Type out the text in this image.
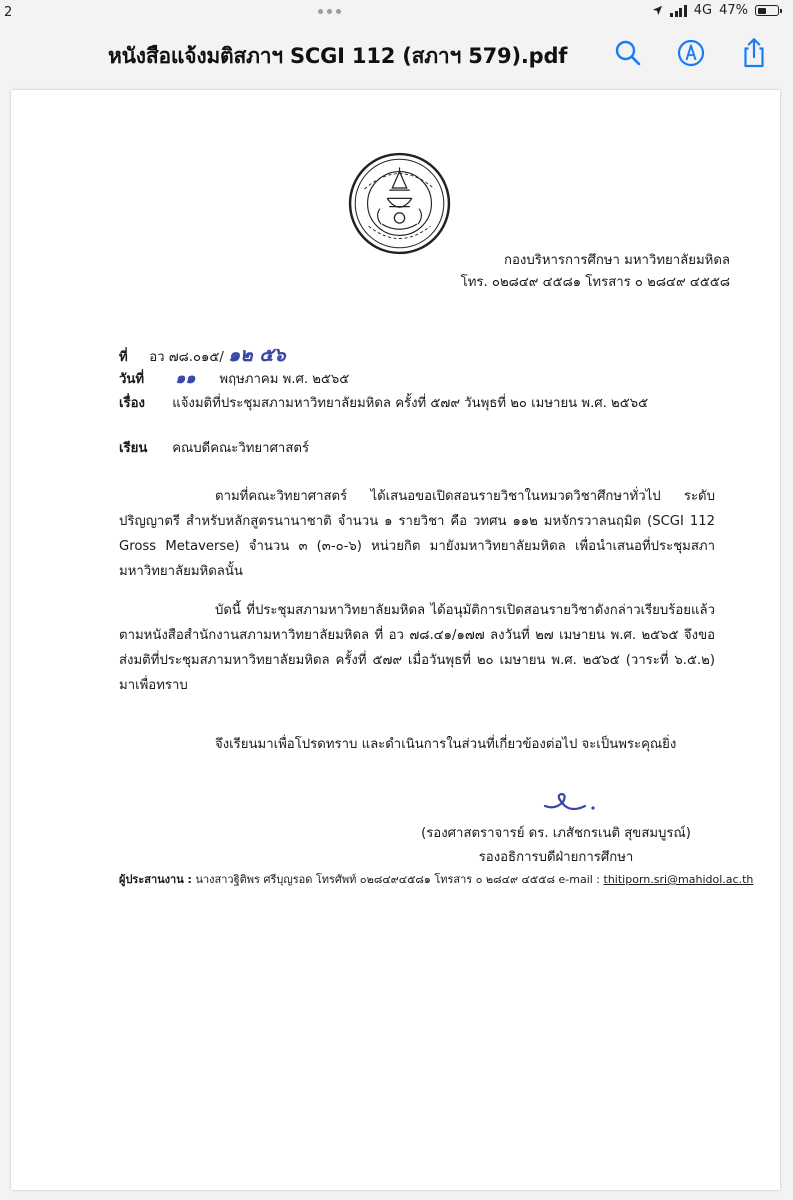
2	4G 47%
หนังสือแจ้งมติสภาฯ SCGI 112 (สภาฯ 579).pdf
กองบริหารการศึกษา มหาวิทยาลัยมหิดล
โทร. ๐๒๘๔๙ ๔๕๘๑ โทรสาร ๐ ๒๘๔๙ ๔๕๕๘
ที่ อว ๗๘.๐๑๕/ ๑๒ ๕๖
วันที่ ๑๑ พฤษภาคม พ.ศ. ๒๕๖๕
เรื่อง แจ้งมติที่ประชุมสภามหาวิทยาลัยมหิดล ครั้งที่ ๕๗๙ วันพุธที่ ๒๐ เมษายน พ.ศ. ๒๕๖๕
เรียน คณบดีคณะวิทยาศาสตร์
ตามที่คณะวิทยาศาสตร์ ได้เสนอขอเปิดสอนรายวิชาในหมวดวิชาศึกษาทั่วไป ระดับปริญญาตรี สำหรับหลักสูตรนานาชาติ จำนวน ๑ รายวิชา คือ วทศน ๑๑๒ มหจักรวาลนฤมิต (SCGI 112 Gross Metaverse) จำนวน ๓ (๓-๐-๖) หน่วยกิต มายังมหาวิทยาลัยมหิดล เพื่อนำเสนอที่ประชุมสภามหาวิทยาลัยมหิดลนั้น
บัดนี้ ที่ประชุมสภามหาวิทยาลัยมหิดล ได้อนุมัติการเปิดสอนรายวิชาดังกล่าวเรียบร้อยแล้ว ตามหนังสือสำนักงานสภามหาวิทยาลัยมหิดล ที่ อว ๗๘.๔๑/๑๗๗ ลงวันที่ ๒๗ เมษายน พ.ศ. ๒๕๖๕ จึงขอส่งมติที่ประชุมสภามหาวิทยาลัยมหิดล ครั้งที่ ๕๗๙ เมื่อวันพุธที่ ๒๐ เมษายน พ.ศ. ๒๕๖๕ (วาระที่ ๖.๕.๒) มาเพื่อทราบ
จึงเรียนมาเพื่อโปรดทราบ และดำเนินการในส่วนที่เกี่ยวข้องต่อไป จะเป็นพระคุณยิ่ง
(รองศาสตราจารย์ ดร. เภสัชกรเนติ สุขสมบูรณ์)
รองอธิการบดีฝ่ายการศึกษา
ผู้ประสานงาน : นางสาวฐิติพร ศรีบุญรอด โทรศัพท์ ๐๒๘๔๙๔๕๘๑ โทรสาร ๐ ๒๘๔๙ ๔๕๕๘ e-mail : thitiporn.sri@mahidol.ac.th
